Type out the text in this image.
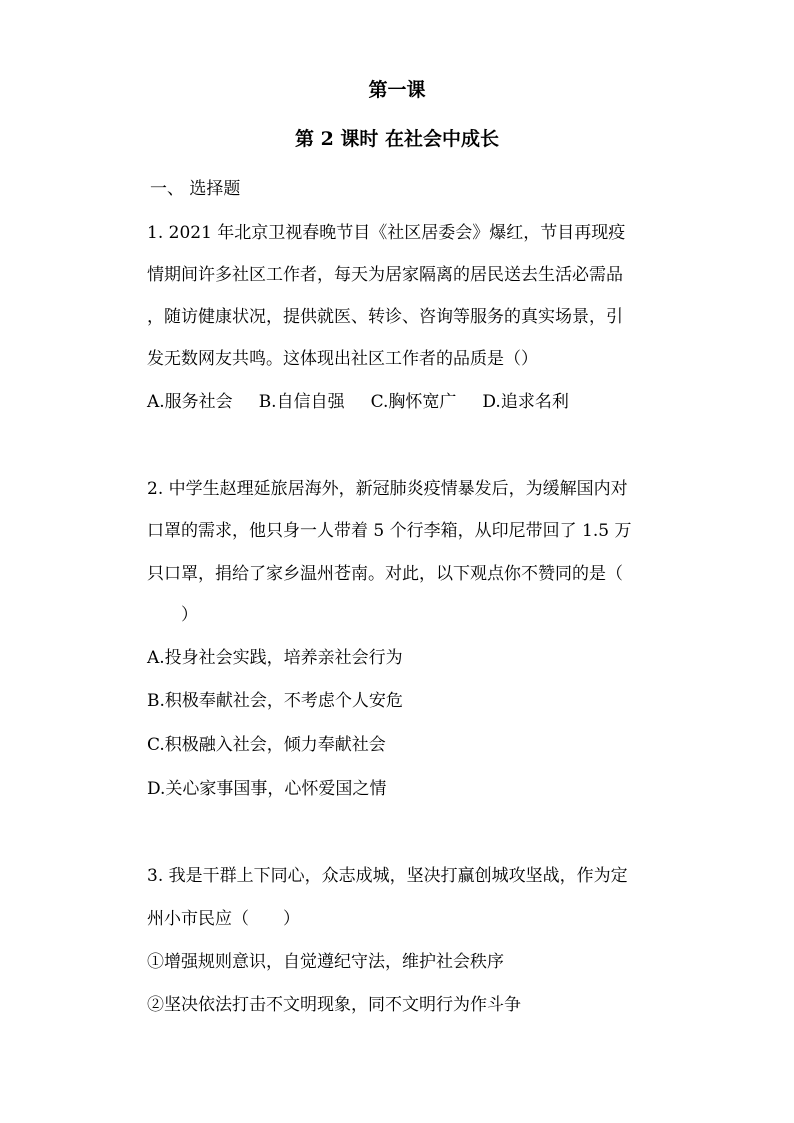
第一课
第 2 课时 在社会中成长
一、 选择题
1. 2021 年北京卫视春晚节目《社区居委会》爆红，节目再现疫
情期间许多社区工作者，每天为居家隔离的居民送去生活必需品
，随访健康状况，提供就医、转诊、咨询等服务的真实场景，引
发无数网友共鸣。这体现出社区工作者的品质是（）
A.服务社会 B.自信自强 C.胸怀宽广 D.追求名利
2. 中学生赵理延旅居海外，新冠肺炎疫情暴发后，为缓解国内对
口罩的需求，他只身一人带着 5 个行李箱，从印尼带回了 1.5 万
只口罩，捐给了家乡温州苍南。对此，以下观点你不赞同的是（
　　）
A.投身社会实践，培养亲社会行为
B.积极奉献社会，不考虑个人安危
C.积极融入社会，倾力奉献社会
D.关心家事国事，心怀爱国之情
3. 我是干群上下同心，众志成城，坚决打赢创城攻坚战，作为定
州小市民应（　　）
①增强规则意识，自觉遵纪守法，维护社会秩序
②坚决依法打击不文明现象，同不文明行为作斗争
